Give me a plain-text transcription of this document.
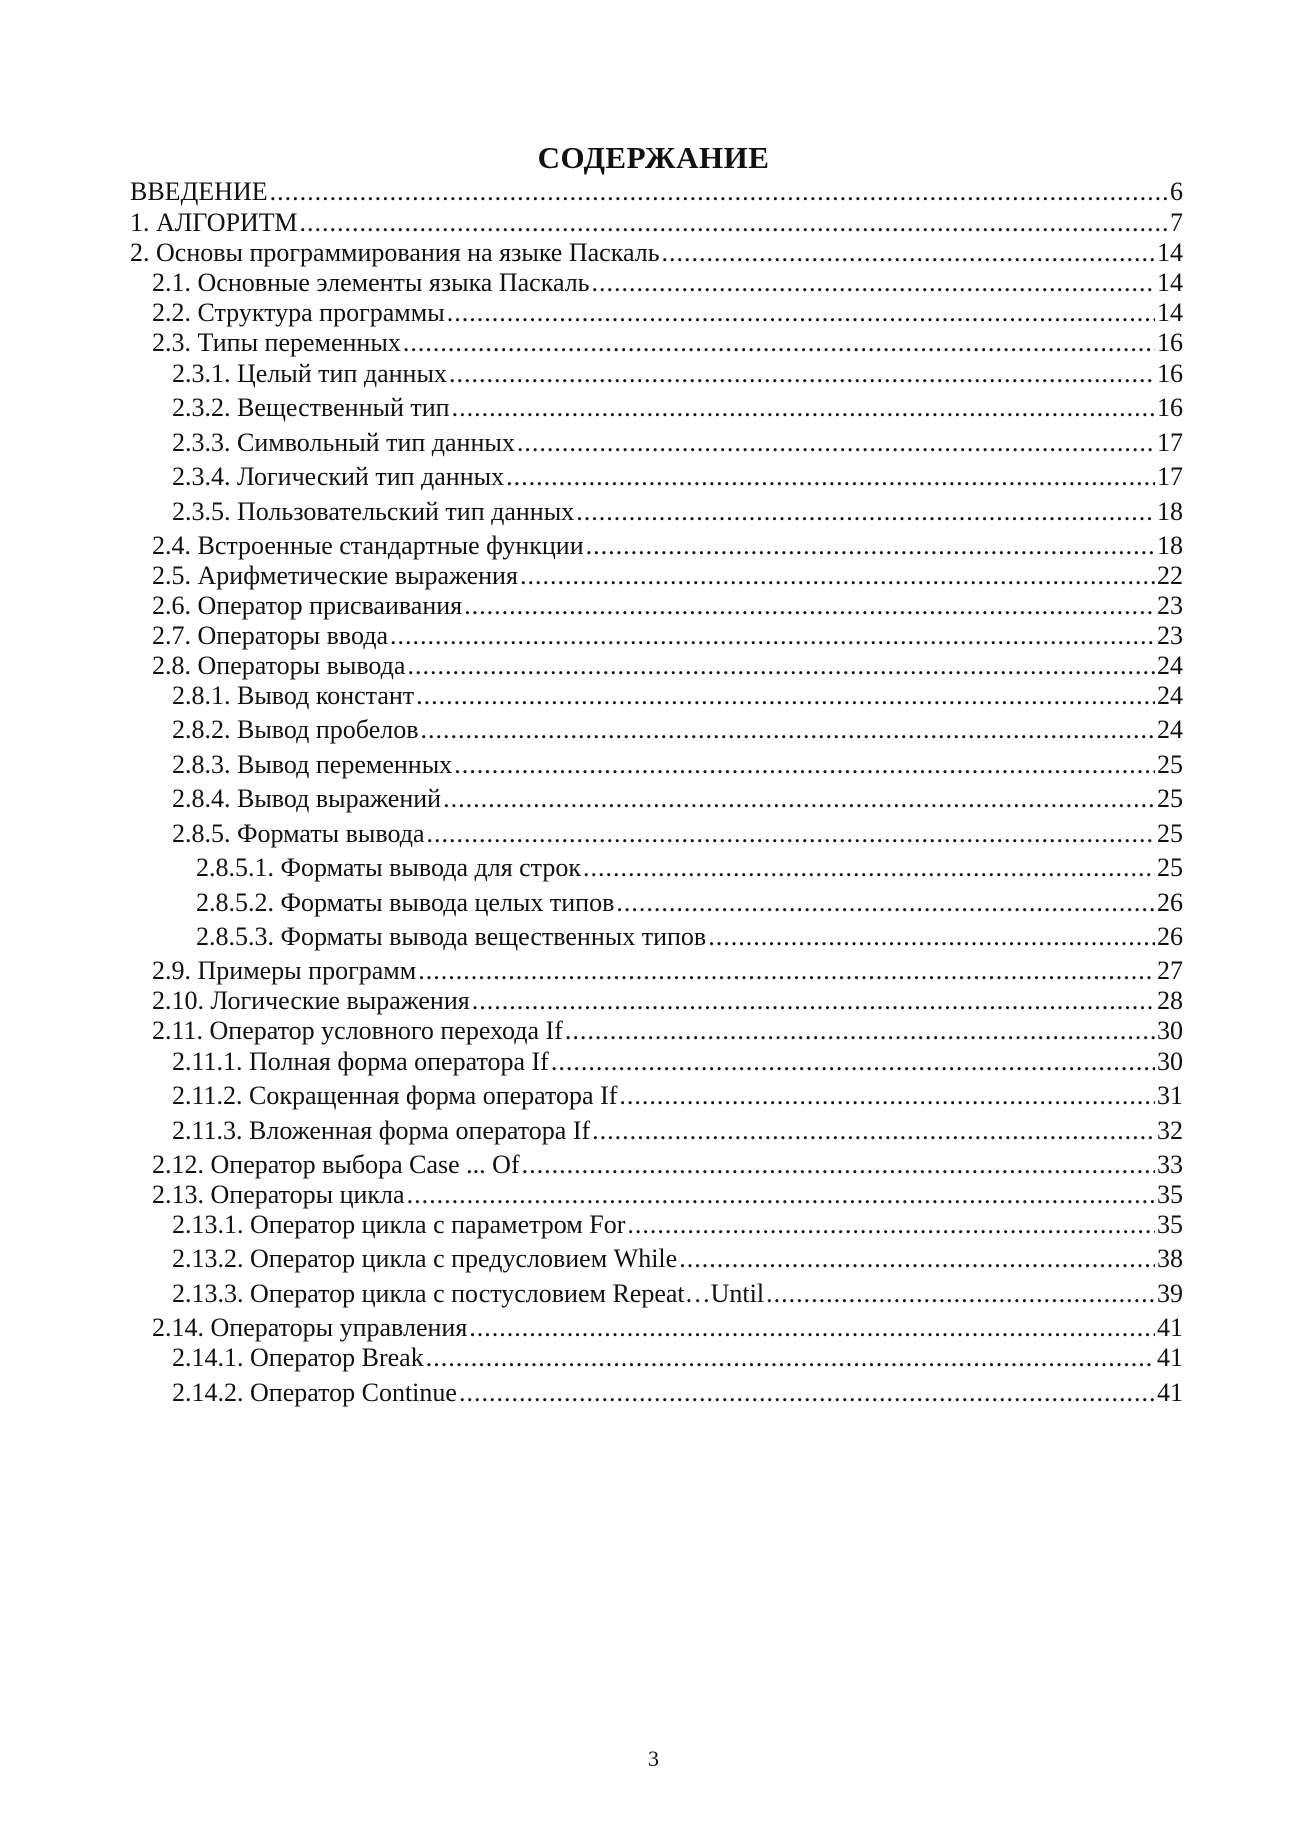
СОДЕРЖАНИЕ
ВВЕДЕНИЕ .....	6
1. АЛГОРИТМ .....	7
2. Основы программирования на языке Паскаль .....	14
2.1. Основные элементы языка Паскаль .....	14
2.2. Структура программы .....	14
2.3. Типы переменных .....	16
2.3.1. Целый тип данных .....	16
2.3.2. Вещественный тип .....	16
2.3.3. Символьный тип данных .....	17
2.3.4. Логический тип данных .....	17
2.3.5. Пользовательский тип данных .....	18
2.4. Встроенные стандартные функции .....	18
2.5. Арифметические выражения .....	22
2.6. Оператор присваивания .....	23
2.7. Операторы ввода .....	23
2.8. Операторы вывода .....	24
2.8.1. Вывод констант .....	24
2.8.2. Вывод пробелов .....	24
2.8.3. Вывод переменных .....	25
2.8.4. Вывод выражений .....	25
2.8.5. Форматы вывода .....	25
2.8.5.1. Форматы вывода для строк .....	25
2.8.5.2. Форматы вывода целых типов .....	26
2.8.5.3. Форматы вывода вещественных типов .....	26
2.9. Примеры программ .....	27
2.10. Логические выражения .....	28
2.11. Оператор условного перехода If .....	30
2.11.1. Полная форма оператора If .....	30
2.11.2. Сокращенная форма оператора If .....	31
2.11.3. Вложенная форма оператора If .....	32
2.12. Оператор выбора Case ... Of .....	33
2.13. Операторы цикла .....	35
2.13.1. Оператор цикла с параметром For .....	35
2.13.2. Оператор цикла с предусловием While .....	38
2.13.3. Оператор цикла с постусловием Repeat…Until .....	39
2.14. Операторы управления .....	41
2.14.1. Оператор Break .....	41
2.14.2. Оператор Continue .....	41
3
